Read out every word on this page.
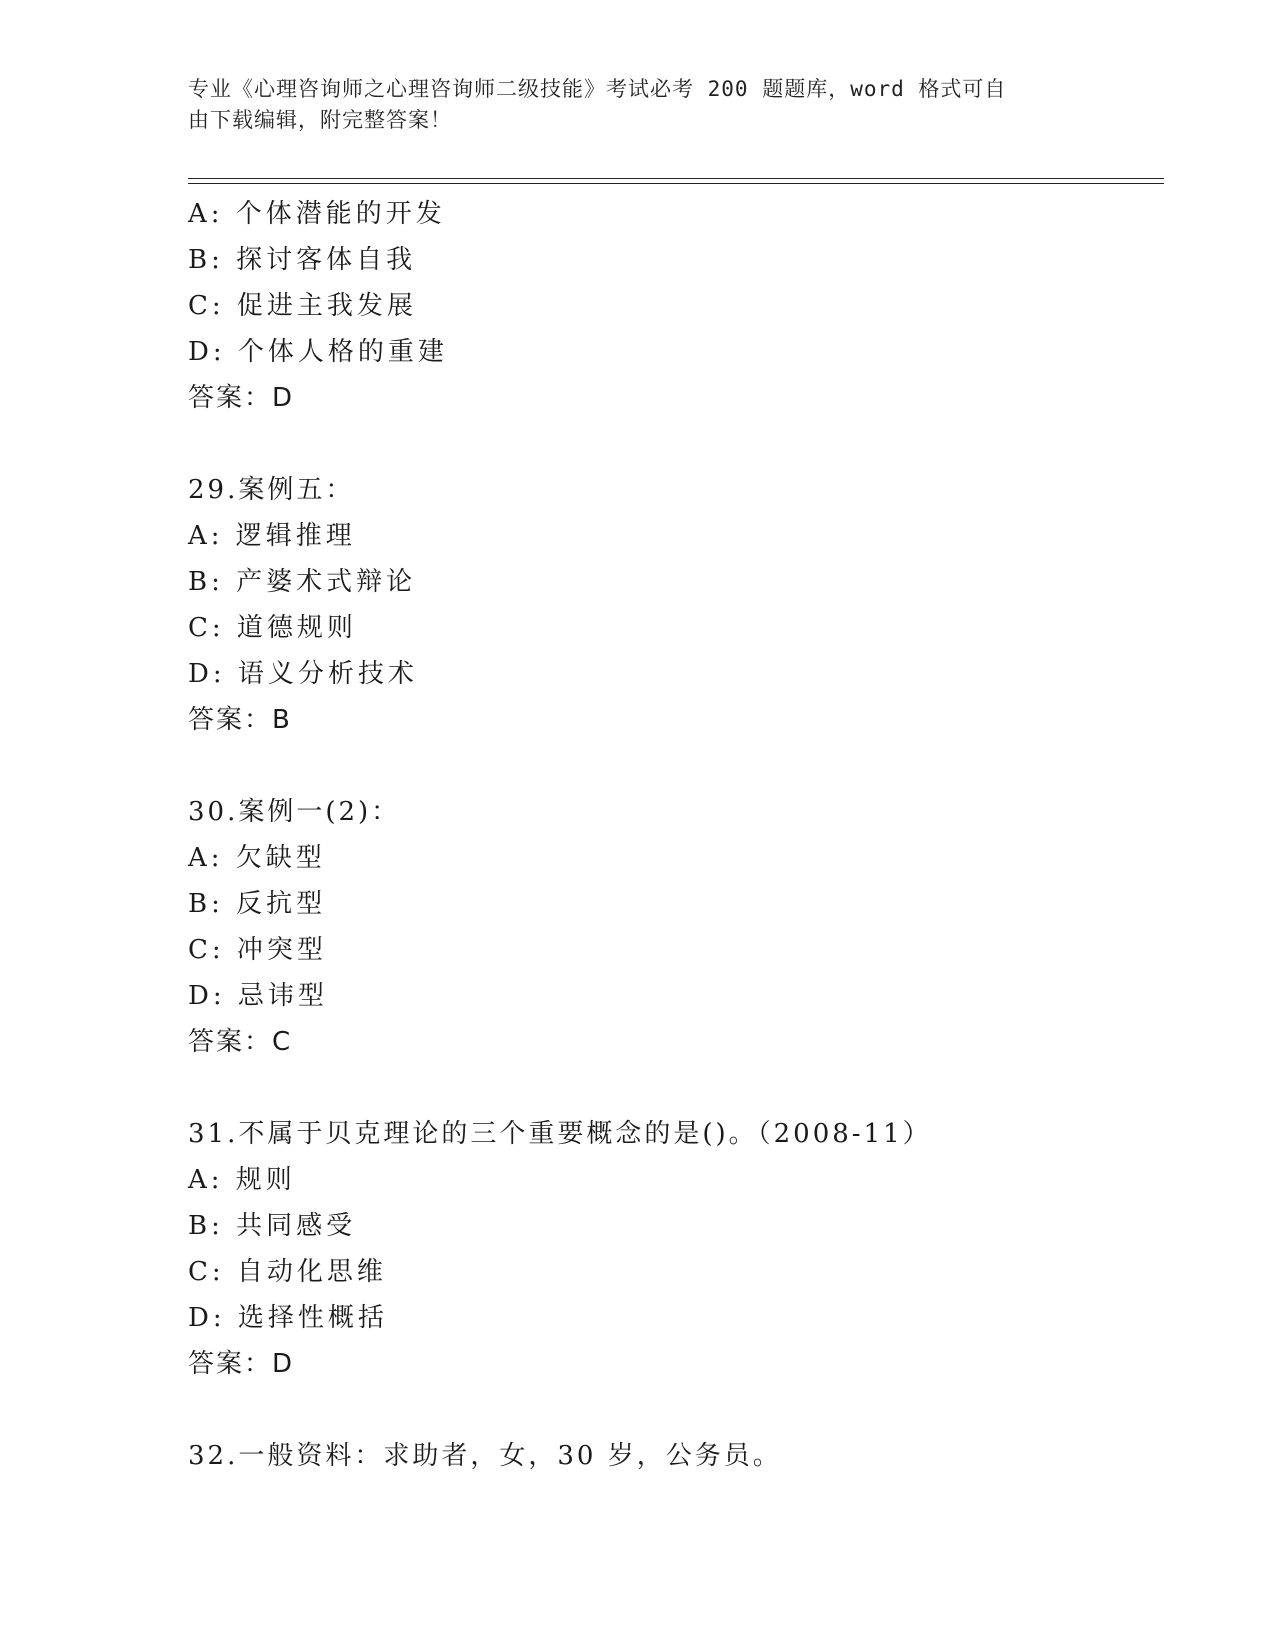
专业《心理咨询师之心理咨询师二级技能》考试必考 200 题题库，word 格式可自
由下载编辑，附完整答案！
A: 个体潜能的开发
B: 探讨客体自我
C: 促进主我发展
D: 个体人格的重建
答案：D
29.案例五：
A: 逻辑推理
B: 产婆术式辩论
C: 道德规则
D: 语义分析技术
答案：B
30.案例一(2)：
A: 欠缺型
B: 反抗型
C: 冲突型
D: 忌讳型
答案：C
31.不属于贝克理论的三个重要概念的是()。（2008-11）
A: 规则
B: 共同感受
C: 自动化思维
D: 选择性概括
答案：D
32.一般资料：求助者，女，30 岁，公务员。
